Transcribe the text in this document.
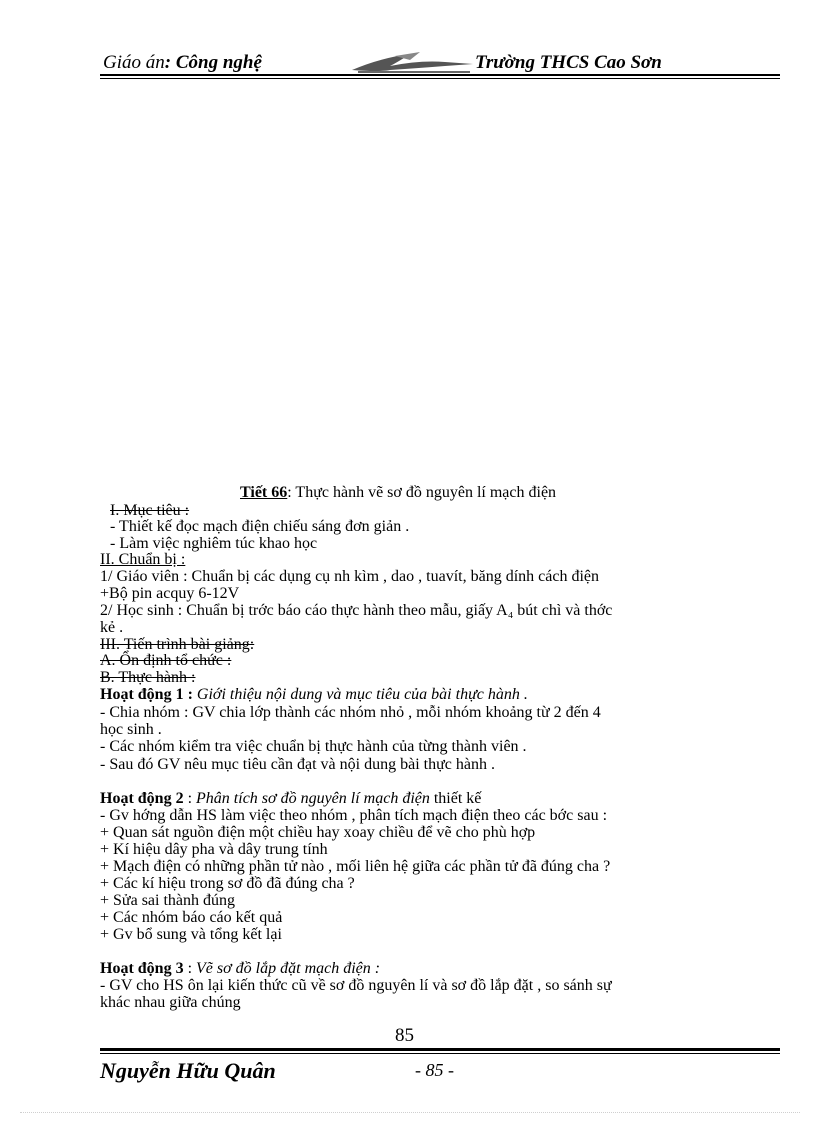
Giáo án: Công nghệ	Trường THCS Cao Sơn
Tiết 66: Thực hành vẽ sơ đồ nguyên lí mạch điện
I. Mục tiêu :
- Thiết kế đọc mạch điện chiếu sáng đơn giản .
- Làm việc nghiêm túc khao học
II. Chuẩn bị :
1/ Giáo viên : Chuẩn bị các dụng cụ nh kìm , dao , tuavít, băng dính cách điện
+Bộ pin acquy 6-12V
2/ Học sinh : Chuẩn bị trớc báo cáo thực hành theo mẫu, giấy A₄ bút chì và thớc
kẻ .
III. Tiến trình bài giảng:
A. Ổn định tổ chức :
B. Thực hành :
Hoạt động 1 : Giới thiệu nội dung và mục tiêu của bài thực hành .
- Chia nhóm : GV chia lớp thành các nhóm nhỏ , mỗi nhóm khoảng từ 2 đến 4
học sinh .
- Các nhóm kiểm tra việc chuẩn bị thực hành của từng thành viên .
- Sau đó GV nêu mục tiêu cần đạt và nội dung bài thực hành .
Hoạt động 2 : Phân tích sơ đồ nguyên lí mạch điện thiết kế
- Gv hớng dẫn HS làm việc theo nhóm , phân tích mạch điện theo các bớc sau :
+ Quan sát nguồn điện một chiều hay xoay chiều để vẽ cho phù hợp
+ Kí hiệu dây pha và dây trung tính
+ Mạch điện có những phần tử nào , mối liên hệ giữa các phần tử đã đúng cha ?
+ Các kí hiệu trong sơ đồ đã đúng cha ?
+ Sửa sai thành đúng
+ Các nhóm báo cáo kết quả
+ Gv bổ sung và tổng kết lại
Hoạt động 3 : Vẽ sơ đồ lắp đặt mạch điện :
- GV cho HS ôn lại kiến thức cũ về sơ đồ nguyên lí và sơ đồ lắp đặt , so sánh sự
khác nhau giữa chúng
85
Nguyễn Hữu Quân	- 85 -
